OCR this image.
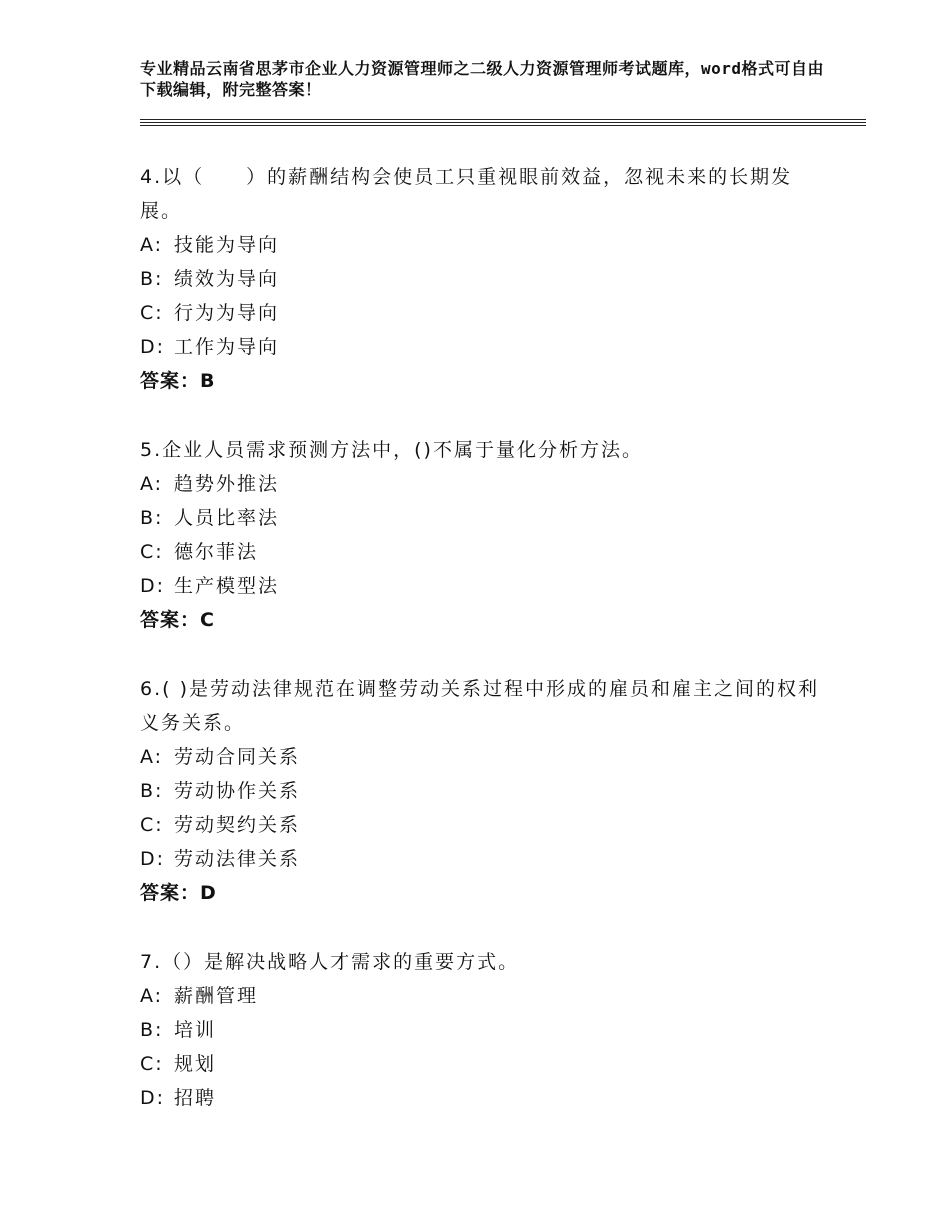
专业精品云南省思茅市企业人力资源管理师之二级人力资源管理师考试题库，word格式可自由下载编辑，附完整答案！
4.以（　　）的薪酬结构会使员工只重视眼前效益，忽视未来的长期发展。
A: 技能为导向
B: 绩效为导向
C: 行为为导向
D: 工作为导向
答案：B
5.企业人员需求预测方法中，()不属于量化分析方法。
A: 趋势外推法
B: 人员比率法
C: 德尔菲法
D: 生产模型法
答案：C
6.( )是劳动法律规范在调整劳动关系过程中形成的雇员和雇主之间的权利义务关系。
A: 劳动合同关系
B: 劳动协作关系
C: 劳动契约关系
D: 劳动法律关系
答案：D
7.（）是解决战略人才需求的重要方式。
A: 薪酬管理
B: 培训
C: 规划
D: 招聘
